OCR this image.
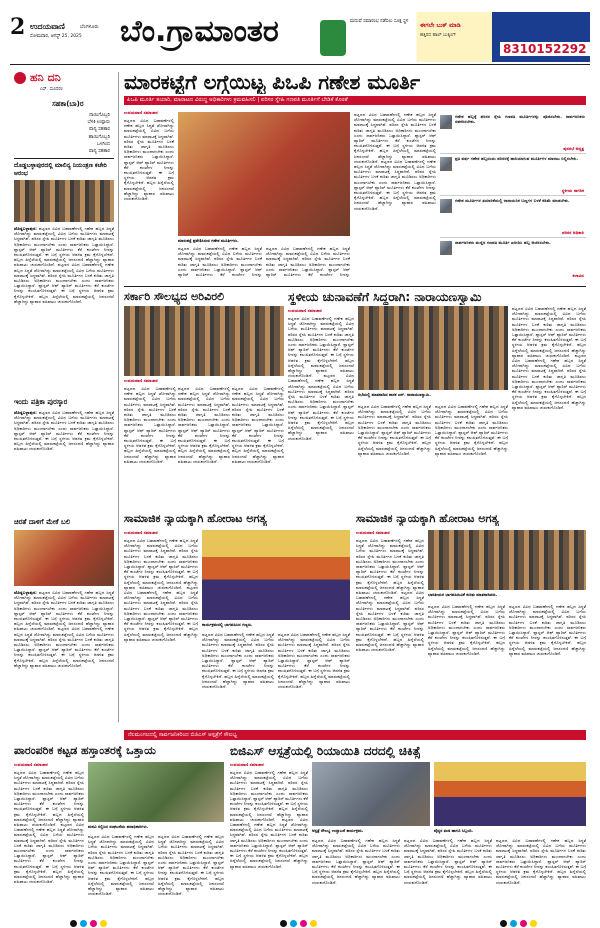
2 ಉದಯವಾಣಿ	ಬೆಂಗಳೂರು
ಸೋಮವಾರ, ಆಗಸ್ಟ್ 25, 2025 ಬೆಂ.ಗ್ರಾಮಾಂತರ	ಮದುವೆ ಸಮಾರಂಭ ನಡೆಸಲು ಸೂಕ್ತ ಸ್ಥಳ
ಈಗಲೇ ಬುಕ್ ಮಾಡಿ
ಹತ್ತಿರದ ಹಾಲ್ ಬುಕ್ಕಿಂಗ್
8310152292
ಹನಿ ದನಿ
ಎಸ್. ಸುಂದರಂ
ಸಹಕಾ(ಬಾ)ರ
ನಾಯಿಗೊಬ್ಬರಿ
ಬೆಳಕಿ ಉಪ್ಪಾರು
ಪಾನ್ಯ ಸಹಕಾರ
ಹಾಯಿಗೊಬ್ಬರಿ
ಒಳಗಿಂದ
ಪಾನ್ಯ ಸಹಕಾರ
ದೊಡ್ಡಬಳ್ಳಾಪುರದಲ್ಲಿ ಮಾಲಿನ್ಯ ನಿಯಂತ್ರಣ ಕಚೇರಿ ಆರಂಭ
ದೊಡ್ಡಬಳ್ಳಾಪುರ: ಪಟ್ಟಣದ ವಿವಿಧ ಬಡಾವಣೆಗಳಲ್ಲಿ ಗಣೇಶ ಹಬ್ಬದ ಸಿದ್ಧತೆ ಜೋರಾಗಿದ್ದು ಮಾರುಕಟ್ಟೆಯಲ್ಲಿ ವಿವಿಧ ಬಗೆಯ ಮೂರ್ತಿಗಳು ಮಾರಾಟಕ್ಕೆ ಸಿದ್ಧವಾಗಿವೆ. ಪರಿಸರ ಸ್ನೇಹಿ ಮೂರ್ತಿಗಳ ಬಳಕೆ ಕುರಿತು ಜಾಗೃತಿ ಮೂಡಿಸಲು ಅಧಿಕಾರಿಗಳು ಮುಂದಾಗಬೇಕು ಎಂದು ಸಾರ್ವಜನಿಕರು ಒತ್ತಾಯಿಸಿದ್ದಾರೆ. ಪ್ಲಾಸ್ಟರ್ ಆಫ್ ಪ್ಯಾರಿಸ್ ಮೂರ್ತಿಗಳು ಕೆರೆ ಕುಂಟೆಗಳ ನೀರನ್ನು ಕಲುಷಿತಗೊಳಿಸುತ್ತವೆ. ಈ ಬಗ್ಗೆ ಸ್ಥಳೀಯ ಆಡಳಿತ ಕ್ರಮ ಕೈಗೊಳ್ಳಬೇಕಿದೆ. ಹಬ್ಬದ ಹಿನ್ನೆಲೆಯಲ್ಲಿ ಮಾರುಕಟ್ಟೆಯಲ್ಲಿ ಜನಸಂದಣಿ ಹೆಚ್ಚಾಗಿದ್ದು ವ್ಯಾಪಾರ ವಹಿವಾಟು ಚುರುಕುಗೊಂಡಿದೆ. ಪಟ್ಟಣದ ವಿವಿಧ ಬಡಾವಣೆಗಳಲ್ಲಿ ಗಣೇಶ ಹಬ್ಬದ ಸಿದ್ಧತೆ ಜೋರಾಗಿದ್ದು ಮಾರುಕಟ್ಟೆಯಲ್ಲಿ ವಿವಿಧ ಬಗೆಯ ಮೂರ್ತಿಗಳು ಮಾರಾಟಕ್ಕೆ ಸಿದ್ಧವಾಗಿವೆ. ಪರಿಸರ ಸ್ನೇಹಿ ಮೂರ್ತಿಗಳ ಬಳಕೆ ಕುರಿತು ಜಾಗೃತಿ ಮೂಡಿಸಲು ಅಧಿಕಾರಿಗಳು ಮುಂದಾಗಬೇಕು ಎಂದು ಸಾರ್ವಜನಿಕರು ಒತ್ತಾಯಿಸಿದ್ದಾರೆ. ಪ್ಲಾಸ್ಟರ್ ಆಫ್ ಪ್ಯಾರಿಸ್ ಮೂರ್ತಿಗಳು ಕೆರೆ ಕುಂಟೆಗಳ ನೀರನ್ನು ಕಲುಷಿತಗೊಳಿಸುತ್ತವೆ. ಈ ಬಗ್ಗೆ ಸ್ಥಳೀಯ ಆಡಳಿತ ಕ್ರಮ ಕೈಗೊಳ್ಳಬೇಕಿದೆ. ಹಬ್ಬದ ಹಿನ್ನೆಲೆಯಲ್ಲಿ ಮಾರುಕಟ್ಟೆಯಲ್ಲಿ ಜನಸಂದಣಿ ಹೆಚ್ಚಾಗಿದ್ದು ವ್ಯಾಪಾರ ವಹಿವಾಟು ಚುರುಕುಗೊಂಡಿದೆ.
ಇಂದು ಪತ್ರಿಕಾ ಪುರಸ್ಕಾರ
ದೊಡ್ಡಬಳ್ಳಾಪುರ: ಪಟ್ಟಣದ ವಿವಿಧ ಬಡಾವಣೆಗಳಲ್ಲಿ ಗಣೇಶ ಹಬ್ಬದ ಸಿದ್ಧತೆ ಜೋರಾಗಿದ್ದು ಮಾರುಕಟ್ಟೆಯಲ್ಲಿ ವಿವಿಧ ಬಗೆಯ ಮೂರ್ತಿಗಳು ಮಾರಾಟಕ್ಕೆ ಸಿದ್ಧವಾಗಿವೆ. ಪರಿಸರ ಸ್ನೇಹಿ ಮೂರ್ತಿಗಳ ಬಳಕೆ ಕುರಿತು ಜಾಗೃತಿ ಮೂಡಿಸಲು ಅಧಿಕಾರಿಗಳು ಮುಂದಾಗಬೇಕು ಎಂದು ಸಾರ್ವಜನಿಕರು ಒತ್ತಾಯಿಸಿದ್ದಾರೆ. ಪ್ಲಾಸ್ಟರ್ ಆಫ್ ಪ್ಯಾರಿಸ್ ಮೂರ್ತಿಗಳು ಕೆರೆ ಕುಂಟೆಗಳ ನೀರನ್ನು ಕಲುಷಿತಗೊಳಿಸುತ್ತವೆ. ಈ ಬಗ್ಗೆ ಸ್ಥಳೀಯ ಆಡಳಿತ ಕ್ರಮ ಕೈಗೊಳ್ಳಬೇಕಿದೆ. ಹಬ್ಬದ ಹಿನ್ನೆಲೆಯಲ್ಲಿ ಮಾರುಕಟ್ಟೆಯಲ್ಲಿ ಜನಸಂದಣಿ ಹೆಚ್ಚಾಗಿದ್ದು ವ್ಯಾಪಾರ ವಹಿವಾಟು ಚುರುಕುಗೊಂಡಿದೆ.
ಚಿರತೆ ದಾಳಿಗೆ ಮೇಕೆ ಬಲಿ
ದೊಡ್ಡಬಳ್ಳಾಪುರ: ಪಟ್ಟಣದ ವಿವಿಧ ಬಡಾವಣೆಗಳಲ್ಲಿ ಗಣೇಶ ಹಬ್ಬದ ಸಿದ್ಧತೆ ಜೋರಾಗಿದ್ದು ಮಾರುಕಟ್ಟೆಯಲ್ಲಿ ವಿವಿಧ ಬಗೆಯ ಮೂರ್ತಿಗಳು ಮಾರಾಟಕ್ಕೆ ಸಿದ್ಧವಾಗಿವೆ. ಪರಿಸರ ಸ್ನೇಹಿ ಮೂರ್ತಿಗಳ ಬಳಕೆ ಕುರಿತು ಜಾಗೃತಿ ಮೂಡಿಸಲು ಅಧಿಕಾರಿಗಳು ಮುಂದಾಗಬೇಕು ಎಂದು ಸಾರ್ವಜನಿಕರು ಒತ್ತಾಯಿಸಿದ್ದಾರೆ. ಪ್ಲಾಸ್ಟರ್ ಆಫ್ ಪ್ಯಾರಿಸ್ ಮೂರ್ತಿಗಳು ಕೆರೆ ಕುಂಟೆಗಳ ನೀರನ್ನು ಕಲುಷಿತಗೊಳಿಸುತ್ತವೆ. ಈ ಬಗ್ಗೆ ಸ್ಥಳೀಯ ಆಡಳಿತ ಕ್ರಮ ಕೈಗೊಳ್ಳಬೇಕಿದೆ. ಹಬ್ಬದ ಹಿನ್ನೆಲೆಯಲ್ಲಿ ಮಾರುಕಟ್ಟೆಯಲ್ಲಿ ಜನಸಂದಣಿ ಹೆಚ್ಚಾಗಿದ್ದು ವ್ಯಾಪಾರ ವಹಿವಾಟು ಚುರುಕುಗೊಂಡಿದೆ. ಪಟ್ಟಣದ ವಿವಿಧ ಬಡಾವಣೆಗಳಲ್ಲಿ ಗಣೇಶ ಹಬ್ಬದ ಸಿದ್ಧತೆ ಜೋರಾಗಿದ್ದು ಮಾರುಕಟ್ಟೆಯಲ್ಲಿ ವಿವಿಧ ಬಗೆಯ ಮೂರ್ತಿಗಳು ಮಾರಾಟಕ್ಕೆ ಸಿದ್ಧವಾಗಿವೆ. ಪರಿಸರ ಸ್ನೇಹಿ ಮೂರ್ತಿಗಳ ಬಳಕೆ ಕುರಿತು ಜಾಗೃತಿ ಮೂಡಿಸಲು ಅಧಿಕಾರಿಗಳು ಮುಂದಾಗಬೇಕು ಎಂದು ಸಾರ್ವಜನಿಕರು ಒತ್ತಾಯಿಸಿದ್ದಾರೆ. ಪ್ಲಾಸ್ಟರ್ ಆಫ್ ಪ್ಯಾರಿಸ್ ಮೂರ್ತಿಗಳು ಕೆರೆ ಕುಂಟೆಗಳ ನೀರನ್ನು ಕಲುಷಿತಗೊಳಿಸುತ್ತವೆ. ಈ ಬಗ್ಗೆ ಸ್ಥಳೀಯ ಆಡಳಿತ ಕ್ರಮ ಕೈಗೊಳ್ಳಬೇಕಿದೆ. ಹಬ್ಬದ ಹಿನ್ನೆಲೆಯಲ್ಲಿ ಮಾರುಕಟ್ಟೆಯಲ್ಲಿ ಜನಸಂದಣಿ ಹೆಚ್ಚಾಗಿದ್ದು ವ್ಯಾಪಾರ ವಹಿವಾಟು ಚುರುಕುಗೊಂಡಿದೆ.
ಮಾರಕಟ್ಟೆಗೆ ಲಗ್ಗೆಯಿಟ್ಟ ಪಿಒಪಿ ಗಣೇಶ ಮೂರ್ತಿ
ಪಿಒಪಿ ಮೂರ್ತಿ ತಯಾರಿ, ಮಾರಾಟದ ವಿರುದ್ಧ ಅಧಿಕಾರಿಗಳು ಕ್ರಮವಹಿಸಲಿ | ಪರಿಸರ ಸ್ನೇಹಿ ಗಣಪತಿ ಮೂರ್ತಿಗೆ ಬೇಡಿಕೆ ಕೊರತೆ
ಉದಯವಾಣಿ ಸಮಾಚಾರ
ಪಟ್ಟಣದ ವಿವಿಧ ಬಡಾವಣೆಗಳಲ್ಲಿ ಗಣೇಶ ಹಬ್ಬದ ಸಿದ್ಧತೆ ಜೋರಾಗಿದ್ದು ಮಾರುಕಟ್ಟೆಯಲ್ಲಿ ವಿವಿಧ ಬಗೆಯ ಮೂರ್ತಿಗಳು ಮಾರಾಟಕ್ಕೆ ಸಿದ್ಧವಾಗಿವೆ. ಪರಿಸರ ಸ್ನೇಹಿ ಮೂರ್ತಿಗಳ ಬಳಕೆ ಕುರಿತು ಜಾಗೃತಿ ಮೂಡಿಸಲು ಅಧಿಕಾರಿಗಳು ಮುಂದಾಗಬೇಕು ಎಂದು ಸಾರ್ವಜನಿಕರು ಒತ್ತಾಯಿಸಿದ್ದಾರೆ. ಪ್ಲಾಸ್ಟರ್ ಆಫ್ ಪ್ಯಾರಿಸ್ ಮೂರ್ತಿಗಳು ಕೆರೆ ಕುಂಟೆಗಳ ನೀರನ್ನು ಕಲುಷಿತಗೊಳಿಸುತ್ತವೆ. ಈ ಬಗ್ಗೆ ಸ್ಥಳೀಯ ಆಡಳಿತ ಕ್ರಮ ಕೈಗೊಳ್ಳಬೇಕಿದೆ. ಹಬ್ಬದ ಹಿನ್ನೆಲೆಯಲ್ಲಿ ಮಾರುಕಟ್ಟೆಯಲ್ಲಿ ಜನಸಂದಣಿ ಹೆಚ್ಚಾಗಿದ್ದು ವ್ಯಾಪಾರ ವಹಿವಾಟು ಚುರುಕುಗೊಂಡಿದೆ.
ಮಾರುಕಟ್ಟೆ ಪ್ರವೇಶಿಸಿರುವ ಗಣೇಶ ಮೂರ್ತಿಗಳು.
ಪಟ್ಟಣದ ವಿವಿಧ ಬಡಾವಣೆಗಳಲ್ಲಿ ಗಣೇಶ ಹಬ್ಬದ ಸಿದ್ಧತೆ ಜೋರಾಗಿದ್ದು ಮಾರುಕಟ್ಟೆಯಲ್ಲಿ ವಿವಿಧ ಬಗೆಯ ಮೂರ್ತಿಗಳು ಮಾರಾಟಕ್ಕೆ ಸಿದ್ಧವಾಗಿವೆ. ಪರಿಸರ ಸ್ನೇಹಿ ಮೂರ್ತಿಗಳ ಬಳಕೆ ಕುರಿತು ಜಾಗೃತಿ ಮೂಡಿಸಲು ಅಧಿಕಾರಿಗಳು ಮುಂದಾಗಬೇಕು ಎಂದು ಸಾರ್ವಜನಿಕರು ಒತ್ತಾಯಿಸಿದ್ದಾರೆ. ಪ್ಲಾಸ್ಟರ್ ಆಫ್ ಪ್ಯಾರಿಸ್ ಮೂರ್ತಿಗಳು ಕೆರೆ ಕುಂಟೆಗಳ ನೀರನ್ನು
ಪಟ್ಟಣದ ವಿವಿಧ ಬಡಾವಣೆಗಳಲ್ಲಿ ಗಣೇಶ ಹಬ್ಬದ ಸಿದ್ಧತೆ ಜೋರಾಗಿದ್ದು ಮಾರುಕಟ್ಟೆಯಲ್ಲಿ ವಿವಿಧ ಬಗೆಯ ಮೂರ್ತಿಗಳು ಮಾರಾಟಕ್ಕೆ ಸಿದ್ಧವಾಗಿವೆ. ಪರಿಸರ ಸ್ನೇಹಿ ಮೂರ್ತಿಗಳ ಬಳಕೆ ಕುರಿತು ಜಾಗೃತಿ ಮೂಡಿಸಲು ಅಧಿಕಾರಿಗಳು ಮುಂದಾಗಬೇಕು ಎಂದು ಸಾರ್ವಜನಿಕರು ಒತ್ತಾಯಿಸಿದ್ದಾರೆ. ಪ್ಲಾಸ್ಟರ್ ಆಫ್ ಪ್ಯಾರಿಸ್ ಮೂರ್ತಿಗಳು ಕೆರೆ ಕುಂಟೆಗಳ ನೀರನ್ನು
ಪಟ್ಟಣದ ವಿವಿಧ ಬಡಾವಣೆಗಳಲ್ಲಿ ಗಣೇಶ ಹಬ್ಬದ ಸಿದ್ಧತೆ ಜೋರಾಗಿದ್ದು ಮಾರುಕಟ್ಟೆಯಲ್ಲಿ ವಿವಿಧ ಬಗೆಯ ಮೂರ್ತಿಗಳು ಮಾರಾಟಕ್ಕೆ ಸಿದ್ಧವಾಗಿವೆ. ಪರಿಸರ ಸ್ನೇಹಿ ಮೂರ್ತಿಗಳ ಬಳಕೆ ಕುರಿತು ಜಾಗೃತಿ ಮೂಡಿಸಲು ಅಧಿಕಾರಿಗಳು ಮುಂದಾಗಬೇಕು ಎಂದು ಸಾರ್ವಜನಿಕರು ಒತ್ತಾಯಿಸಿದ್ದಾರೆ. ಪ್ಲಾಸ್ಟರ್ ಆಫ್ ಪ್ಯಾರಿಸ್ ಮೂರ್ತಿಗಳು ಕೆರೆ ಕುಂಟೆಗಳ ನೀರನ್ನು ಕಲುಷಿತಗೊಳಿಸುತ್ತವೆ. ಈ ಬಗ್ಗೆ ಸ್ಥಳೀಯ ಆಡಳಿತ ಕ್ರಮ ಕೈಗೊಳ್ಳಬೇಕಿದೆ. ಹಬ್ಬದ ಹಿನ್ನೆಲೆಯಲ್ಲಿ ಮಾರುಕಟ್ಟೆಯಲ್ಲಿ ಜನಸಂದಣಿ ಹೆಚ್ಚಾಗಿದ್ದು ವ್ಯಾಪಾರ ವಹಿವಾಟು ಚುರುಕುಗೊಂಡಿದೆ. ಪಟ್ಟಣದ ವಿವಿಧ ಬಡಾವಣೆಗಳಲ್ಲಿ ಗಣೇಶ ಹಬ್ಬದ ಸಿದ್ಧತೆ ಜೋರಾಗಿದ್ದು ಮಾರುಕಟ್ಟೆಯಲ್ಲಿ ವಿವಿಧ ಬಗೆಯ ಮೂರ್ತಿಗಳು ಮಾರಾಟಕ್ಕೆ ಸಿದ್ಧವಾಗಿವೆ. ಪರಿಸರ ಸ್ನೇಹಿ ಮೂರ್ತಿಗಳ ಬಳಕೆ ಕುರಿತು ಜಾಗೃತಿ ಮೂಡಿಸಲು ಅಧಿಕಾರಿಗಳು ಮುಂದಾಗಬೇಕು ಎಂದು ಸಾರ್ವಜನಿಕರು ಒತ್ತಾಯಿಸಿದ್ದಾರೆ. ಪ್ಲಾಸ್ಟರ್ ಆಫ್ ಪ್ಯಾರಿಸ್ ಮೂರ್ತಿಗಳು ಕೆರೆ ಕುಂಟೆಗಳ ನೀರನ್ನು ಕಲುಷಿತಗೊಳಿಸುತ್ತವೆ. ಈ ಬಗ್ಗೆ ಸ್ಥಳೀಯ ಆಡಳಿತ ಕ್ರಮ ಕೈಗೊಳ್ಳಬೇಕಿದೆ. ಹಬ್ಬದ ಹಿನ್ನೆಲೆಯಲ್ಲಿ ಮಾರುಕಟ್ಟೆಯಲ್ಲಿ ಜನಸಂದಣಿ ಹೆಚ್ಚಾಗಿದ್ದು ವ್ಯಾಪಾರ ವಹಿವಾಟು ಚುರುಕುಗೊಂಡಿದೆ.
ಗಣೇಶ ಹಬ್ಬಕ್ಕೆ ಪರಿಸರ ಸ್ನೇಹಿ ಗಣಪತಿ ಮೂರ್ತಿಗಳನ್ನು ಪೂಜಿಸಬೇಕು. ಸಾರ್ವಜನಿಕರು ಸಹಕರಿಸಬೇಕು.
ಪುರಸಭೆ ಅಧ್ಯಕ್ಷ
ಪ್ರತಿ ವರ್ಷ ಗಣೇಶ ಹಬ್ಬದಂದು ಪರಿಸರಕ್ಕೆ ಹಾನಿಯಾಗುವ ಮೂರ್ತಿಗಳ ಮಾರಾಟ ನಿಲ್ಲಿಸಬೇಕು.
ಸ್ಥಳೀಯ ನಾಗರಿಕ
ಗಣೇಶ ಮೂರ್ತಿಗಳ ತಯಾರಿಕೆಯಲ್ಲಿ ರಾಸಾಯನಿಕ ಬಣ್ಣಗಳ ಬಳಕೆ ಕಡಿಮೆ ಮಾಡಬೇಕು.
ಪರಿಸರ ಅಧಿಕಾರಿ
ಸಾರ್ವಜನಿಕರು ಮಣ್ಣಿನ ಗಣಪತಿ ಮೂರ್ತಿ ಖರೀದಿಸಿ ಹಬ್ಬ ಆಚರಿಸಬೇಕು.
ಕಲಾವಿದ
ಸರ್ಕಾರಿ ಸೌಲಭ್ಯದ ಅರಿವಿರಲಿ
ಉದಯವಾಣಿ ಸಮಾಚಾರ
ಪಟ್ಟಣದ ವಿವಿಧ ಬಡಾವಣೆಗಳಲ್ಲಿ ಗಣೇಶ ಹಬ್ಬದ ಸಿದ್ಧತೆ ಜೋರಾಗಿದ್ದು ಮಾರುಕಟ್ಟೆಯಲ್ಲಿ ವಿವಿಧ ಬಗೆಯ ಮೂರ್ತಿಗಳು ಮಾರಾಟಕ್ಕೆ ಸಿದ್ಧವಾಗಿವೆ. ಪರಿಸರ ಸ್ನೇಹಿ ಮೂರ್ತಿಗಳ ಬಳಕೆ ಕುರಿತು ಜಾಗೃತಿ ಮೂಡಿಸಲು ಅಧಿಕಾರಿಗಳು ಮುಂದಾಗಬೇಕು ಎಂದು ಸಾರ್ವಜನಿಕರು ಒತ್ತಾಯಿಸಿದ್ದಾರೆ. ಪ್ಲಾಸ್ಟರ್ ಆಫ್ ಪ್ಯಾರಿಸ್ ಮೂರ್ತಿಗಳು ಕೆರೆ ಕುಂಟೆಗಳ ನೀರನ್ನು ಕಲುಷಿತಗೊಳಿಸುತ್ತವೆ. ಈ ಬಗ್ಗೆ ಸ್ಥಳೀಯ ಆಡಳಿತ ಕ್ರಮ ಕೈಗೊಳ್ಳಬೇಕಿದೆ. ಹಬ್ಬದ ಹಿನ್ನೆಲೆಯಲ್ಲಿ ಮಾರುಕಟ್ಟೆಯಲ್ಲಿ ಜನಸಂದಣಿ ಹೆಚ್ಚಾಗಿದ್ದು ವ್ಯಾಪಾರ ವಹಿವಾಟು ಚುರುಕುಗೊಂಡಿದೆ.
ಪಟ್ಟಣದ ವಿವಿಧ ಬಡಾವಣೆಗಳಲ್ಲಿ ಗಣೇಶ ಹಬ್ಬದ ಸಿದ್ಧತೆ ಜೋರಾಗಿದ್ದು ಮಾರುಕಟ್ಟೆಯಲ್ಲಿ ವಿವಿಧ ಬಗೆಯ ಮೂರ್ತಿಗಳು ಮಾರಾಟಕ್ಕೆ ಸಿದ್ಧವಾಗಿವೆ. ಪರಿಸರ ಸ್ನೇಹಿ ಮೂರ್ತಿಗಳ ಬಳಕೆ ಕುರಿತು ಜಾಗೃತಿ ಮೂಡಿಸಲು ಅಧಿಕಾರಿಗಳು ಮುಂದಾಗಬೇಕು ಎಂದು ಸಾರ್ವಜನಿಕರು ಒತ್ತಾಯಿಸಿದ್ದಾರೆ. ಪ್ಲಾಸ್ಟರ್ ಆಫ್ ಪ್ಯಾರಿಸ್ ಮೂರ್ತಿಗಳು ಕೆರೆ ಕುಂಟೆಗಳ ನೀರನ್ನು ಕಲುಷಿತಗೊಳಿಸುತ್ತವೆ. ಈ ಬಗ್ಗೆ ಸ್ಥಳೀಯ ಆಡಳಿತ ಕ್ರಮ ಕೈಗೊಳ್ಳಬೇಕಿದೆ. ಹಬ್ಬದ ಹಿನ್ನೆಲೆಯಲ್ಲಿ ಮಾರುಕಟ್ಟೆಯಲ್ಲಿ ಜನಸಂದಣಿ ಹೆಚ್ಚಾಗಿದ್ದು ವ್ಯಾಪಾರ ವಹಿವಾಟು ಚುರುಕುಗೊಂಡಿದೆ.
ಪಟ್ಟಣದ ವಿವಿಧ ಬಡಾವಣೆಗಳಲ್ಲಿ ಗಣೇಶ ಹಬ್ಬದ ಸಿದ್ಧತೆ ಜೋರಾಗಿದ್ದು ಮಾರುಕಟ್ಟೆಯಲ್ಲಿ ವಿವಿಧ ಬಗೆಯ ಮೂರ್ತಿಗಳು ಮಾರಾಟಕ್ಕೆ ಸಿದ್ಧವಾಗಿವೆ. ಪರಿಸರ ಸ್ನೇಹಿ ಮೂರ್ತಿಗಳ ಬಳಕೆ ಕುರಿತು ಜಾಗೃತಿ ಮೂಡಿಸಲು ಅಧಿಕಾರಿಗಳು ಮುಂದಾಗಬೇಕು ಎಂದು ಸಾರ್ವಜನಿಕರು ಒತ್ತಾಯಿಸಿದ್ದಾರೆ. ಪ್ಲಾಸ್ಟರ್ ಆಫ್ ಪ್ಯಾರಿಸ್ ಮೂರ್ತಿಗಳು ಕೆರೆ ಕುಂಟೆಗಳ ನೀರನ್ನು ಕಲುಷಿತಗೊಳಿಸುತ್ತವೆ. ಈ ಬಗ್ಗೆ ಸ್ಥಳೀಯ ಆಡಳಿತ ಕ್ರಮ ಕೈಗೊಳ್ಳಬೇಕಿದೆ. ಹಬ್ಬದ ಹಿನ್ನೆಲೆಯಲ್ಲಿ ಮಾರುಕಟ್ಟೆಯಲ್ಲಿ ಜನಸಂದಣಿ ಹೆಚ್ಚಾಗಿದ್ದು ವ್ಯಾಪಾರ ವಹಿವಾಟು ಚುರುಕುಗೊಂಡಿದೆ.
ಸ್ಥಳೀಯ ಚುನಾವಣೆಗೆ ಸಿದ್ಧರಾಗಿ: ನಾರಾಯಣಸ್ವಾಮಿ
ಉದಯವಾಣಿ ಸಮಾಚಾರ
ಪಟ್ಟಣದ ವಿವಿಧ ಬಡಾವಣೆಗಳಲ್ಲಿ ಗಣೇಶ ಹಬ್ಬದ ಸಿದ್ಧತೆ ಜೋರಾಗಿದ್ದು ಮಾರುಕಟ್ಟೆಯಲ್ಲಿ ವಿವಿಧ ಬಗೆಯ ಮೂರ್ತಿಗಳು ಮಾರಾಟಕ್ಕೆ ಸಿದ್ಧವಾಗಿವೆ. ಪರಿಸರ ಸ್ನೇಹಿ ಮೂರ್ತಿಗಳ ಬಳಕೆ ಕುರಿತು ಜಾಗೃತಿ ಮೂಡಿಸಲು ಅಧಿಕಾರಿಗಳು ಮುಂದಾಗಬೇಕು ಎಂದು ಸಾರ್ವಜನಿಕರು ಒತ್ತಾಯಿಸಿದ್ದಾರೆ. ಪ್ಲಾಸ್ಟರ್ ಆಫ್ ಪ್ಯಾರಿಸ್ ಮೂರ್ತಿಗಳು ಕೆರೆ ಕುಂಟೆಗಳ ನೀರನ್ನು ಕಲುಷಿತಗೊಳಿಸುತ್ತವೆ. ಈ ಬಗ್ಗೆ ಸ್ಥಳೀಯ ಆಡಳಿತ ಕ್ರಮ ಕೈಗೊಳ್ಳಬೇಕಿದೆ. ಹಬ್ಬದ ಹಿನ್ನೆಲೆಯಲ್ಲಿ ಮಾರುಕಟ್ಟೆಯಲ್ಲಿ ಜನಸಂದಣಿ ಹೆಚ್ಚಾಗಿದ್ದು ವ್ಯಾಪಾರ ವಹಿವಾಟು ಚುರುಕುಗೊಂಡಿದೆ.	ಪಟ್ಟಣದ ವಿವಿಧ ಬಡಾವಣೆಗಳಲ್ಲಿ ಗಣೇಶ ಹಬ್ಬದ ಸಿದ್ಧತೆ ಜೋರಾಗಿದ್ದು ಮಾರುಕಟ್ಟೆಯಲ್ಲಿ ವಿವಿಧ ಬಗೆಯ ಮೂರ್ತಿಗಳು ಮಾರಾಟಕ್ಕೆ ಸಿದ್ಧವಾಗಿವೆ. ಪರಿಸರ ಸ್ನೇಹಿ ಮೂರ್ತಿಗಳ ಬಳಕೆ ಕುರಿತು ಜಾಗೃತಿ ಮೂಡಿಸಲು ಅಧಿಕಾರಿಗಳು ಮುಂದಾಗಬೇಕು ಎಂದು ಸಾರ್ವಜನಿಕರು ಒತ್ತಾಯಿಸಿದ್ದಾರೆ. ಪ್ಲಾಸ್ಟರ್ ಆಫ್ ಪ್ಯಾರಿಸ್ ಮೂರ್ತಿಗಳು ಕೆರೆ ಕುಂಟೆಗಳ ನೀರನ್ನು ಕಲುಷಿತಗೊಳಿಸುತ್ತವೆ. ಈ ಬಗ್ಗೆ ಸ್ಥಳೀಯ ಆಡಳಿತ ಕ್ರಮ ಕೈಗೊಳ್ಳಬೇಕಿದೆ. ಹಬ್ಬದ ಹಿನ್ನೆಲೆಯಲ್ಲಿ ಮಾರುಕಟ್ಟೆಯಲ್ಲಿ ಜನಸಂದಣಿ ಹೆಚ್ಚಾಗಿದ್ದು ವ್ಯಾಪಾರ ವಹಿವಾಟು ಚುರುಕುಗೊಂಡಿದೆ.
ಸಭೆಯಲ್ಲಿ ಮಾತನಾಡಿದ ಶಾಸಕ ಎನ್. ನಾರಾಯಣಸ್ವಾಮಿ.
ಪಟ್ಟಣದ ವಿವಿಧ ಬಡಾವಣೆಗಳಲ್ಲಿ ಗಣೇಶ ಹಬ್ಬದ ಸಿದ್ಧತೆ ಜೋರಾಗಿದ್ದು ಮಾರುಕಟ್ಟೆಯಲ್ಲಿ ವಿವಿಧ ಬಗೆಯ ಮೂರ್ತಿಗಳು ಮಾರಾಟಕ್ಕೆ ಸಿದ್ಧವಾಗಿವೆ. ಪರಿಸರ ಸ್ನೇಹಿ ಮೂರ್ತಿಗಳ ಬಳಕೆ ಕುರಿತು ಜಾಗೃತಿ ಮೂಡಿಸಲು ಅಧಿಕಾರಿಗಳು ಮುಂದಾಗಬೇಕು ಎಂದು ಸಾರ್ವಜನಿಕರು ಒತ್ತಾಯಿಸಿದ್ದಾರೆ. ಪ್ಲಾಸ್ಟರ್ ಆಫ್ ಪ್ಯಾರಿಸ್ ಮೂರ್ತಿಗಳು ಕೆರೆ ಕುಂಟೆಗಳ ನೀರನ್ನು ಕಲುಷಿತಗೊಳಿಸುತ್ತವೆ. ಈ ಬಗ್ಗೆ ಸ್ಥಳೀಯ ಆಡಳಿತ ಕ್ರಮ ಕೈಗೊಳ್ಳಬೇಕಿದೆ. ಹಬ್ಬದ ಹಿನ್ನೆಲೆಯಲ್ಲಿ ಮಾರುಕಟ್ಟೆಯಲ್ಲಿ ಜನಸಂದಣಿ ಹೆಚ್ಚಾಗಿದ್ದು ವ್ಯಾಪಾರ ವಹಿವಾಟು ಚುರುಕುಗೊಂಡಿದೆ.
ಪಟ್ಟಣದ ವಿವಿಧ ಬಡಾವಣೆಗಳಲ್ಲಿ ಗಣೇಶ ಹಬ್ಬದ ಸಿದ್ಧತೆ ಜೋರಾಗಿದ್ದು ಮಾರುಕಟ್ಟೆಯಲ್ಲಿ ವಿವಿಧ ಬಗೆಯ ಮೂರ್ತಿಗಳು ಮಾರಾಟಕ್ಕೆ ಸಿದ್ಧವಾಗಿವೆ. ಪರಿಸರ ಸ್ನೇಹಿ ಮೂರ್ತಿಗಳ ಬಳಕೆ ಕುರಿತು ಜಾಗೃತಿ ಮೂಡಿಸಲು ಅಧಿಕಾರಿಗಳು ಮುಂದಾಗಬೇಕು ಎಂದು ಸಾರ್ವಜನಿಕರು ಒತ್ತಾಯಿಸಿದ್ದಾರೆ. ಪ್ಲಾಸ್ಟರ್ ಆಫ್ ಪ್ಯಾರಿಸ್ ಮೂರ್ತಿಗಳು ಕೆರೆ ಕುಂಟೆಗಳ ನೀರನ್ನು ಕಲುಷಿತಗೊಳಿಸುತ್ತವೆ. ಈ ಬಗ್ಗೆ ಸ್ಥಳೀಯ ಆಡಳಿತ ಕ್ರಮ ಕೈಗೊಳ್ಳಬೇಕಿದೆ. ಹಬ್ಬದ ಹಿನ್ನೆಲೆಯಲ್ಲಿ ಮಾರುಕಟ್ಟೆಯಲ್ಲಿ ಜನಸಂದಣಿ ಹೆಚ್ಚಾಗಿದ್ದು ವ್ಯಾಪಾರ ವಹಿವಾಟು ಚುರುಕುಗೊಂಡಿದೆ.
ಪಟ್ಟಣದ ವಿವಿಧ ಬಡಾವಣೆಗಳಲ್ಲಿ ಗಣೇಶ ಹಬ್ಬದ ಸಿದ್ಧತೆ ಜೋರಾಗಿದ್ದು ಮಾರುಕಟ್ಟೆಯಲ್ಲಿ ವಿವಿಧ ಬಗೆಯ ಮೂರ್ತಿಗಳು ಮಾರಾಟಕ್ಕೆ ಸಿದ್ಧವಾಗಿವೆ. ಪರಿಸರ ಸ್ನೇಹಿ ಮೂರ್ತಿಗಳ ಬಳಕೆ ಕುರಿತು ಜಾಗೃತಿ ಮೂಡಿಸಲು ಅಧಿಕಾರಿಗಳು ಮುಂದಾಗಬೇಕು ಎಂದು ಸಾರ್ವಜನಿಕರು ಒತ್ತಾಯಿಸಿದ್ದಾರೆ. ಪ್ಲಾಸ್ಟರ್ ಆಫ್ ಪ್ಯಾರಿಸ್ ಮೂರ್ತಿಗಳು ಕೆರೆ ಕುಂಟೆಗಳ ನೀರನ್ನು ಕಲುಷಿತಗೊಳಿಸುತ್ತವೆ. ಈ ಬಗ್ಗೆ ಸ್ಥಳೀಯ ಆಡಳಿತ ಕ್ರಮ ಕೈಗೊಳ್ಳಬೇಕಿದೆ. ಹಬ್ಬದ ಹಿನ್ನೆಲೆಯಲ್ಲಿ ಮಾರುಕಟ್ಟೆಯಲ್ಲಿ ಜನಸಂದಣಿ ಹೆಚ್ಚಾಗಿದ್ದು ವ್ಯಾಪಾರ ವಹಿವಾಟು ಚುರುಕುಗೊಂಡಿದೆ. ಪಟ್ಟಣದ ವಿವಿಧ ಬಡಾವಣೆಗಳಲ್ಲಿ ಗಣೇಶ ಹಬ್ಬದ ಸಿದ್ಧತೆ ಜೋರಾಗಿದ್ದು ಮಾರುಕಟ್ಟೆಯಲ್ಲಿ ವಿವಿಧ ಬಗೆಯ ಮೂರ್ತಿಗಳು ಮಾರಾಟಕ್ಕೆ ಸಿದ್ಧವಾಗಿವೆ. ಪರಿಸರ ಸ್ನೇಹಿ ಮೂರ್ತಿಗಳ ಬಳಕೆ ಕುರಿತು ಜಾಗೃತಿ ಮೂಡಿಸಲು ಅಧಿಕಾರಿಗಳು ಮುಂದಾಗಬೇಕು ಎಂದು ಸಾರ್ವಜನಿಕರು ಒತ್ತಾಯಿಸಿದ್ದಾರೆ. ಪ್ಲಾಸ್ಟರ್ ಆಫ್ ಪ್ಯಾರಿಸ್ ಮೂರ್ತಿಗಳು ಕೆರೆ ಕುಂಟೆಗಳ ನೀರನ್ನು ಕಲುಷಿತಗೊಳಿಸುತ್ತವೆ. ಈ ಬಗ್ಗೆ ಸ್ಥಳೀಯ ಆಡಳಿತ ಕ್ರಮ ಕೈಗೊಳ್ಳಬೇಕಿದೆ. ಹಬ್ಬದ ಹಿನ್ನೆಲೆಯಲ್ಲಿ ಮಾರುಕಟ್ಟೆಯಲ್ಲಿ ಜನಸಂದಣಿ ಹೆಚ್ಚಾಗಿದ್ದು ವ್ಯಾಪಾರ ವಹಿವಾಟು ಚುರುಕುಗೊಂಡಿದೆ.
ಸಾಮಾಜಿಕ ನ್ಯಾಯಕ್ಕಾಗಿ ಹೋರಾಟ ಅಗತ್ಯ
ಉದಯವಾಣಿ ಸಮಾಚಾರ
ಪಟ್ಟಣದ ವಿವಿಧ ಬಡಾವಣೆಗಳಲ್ಲಿ ಗಣೇಶ ಹಬ್ಬದ ಸಿದ್ಧತೆ ಜೋರಾಗಿದ್ದು ಮಾರುಕಟ್ಟೆಯಲ್ಲಿ ವಿವಿಧ ಬಗೆಯ ಮೂರ್ತಿಗಳು ಮಾರಾಟಕ್ಕೆ ಸಿದ್ಧವಾಗಿವೆ. ಪರಿಸರ ಸ್ನೇಹಿ ಮೂರ್ತಿಗಳ ಬಳಕೆ ಕುರಿತು ಜಾಗೃತಿ ಮೂಡಿಸಲು ಅಧಿಕಾರಿಗಳು ಮುಂದಾಗಬೇಕು ಎಂದು ಸಾರ್ವಜನಿಕರು ಒತ್ತಾಯಿಸಿದ್ದಾರೆ. ಪ್ಲಾಸ್ಟರ್ ಆಫ್ ಪ್ಯಾರಿಸ್ ಮೂರ್ತಿಗಳು ಕೆರೆ ಕುಂಟೆಗಳ ನೀರನ್ನು ಕಲುಷಿತಗೊಳಿಸುತ್ತವೆ. ಈ ಬಗ್ಗೆ ಸ್ಥಳೀಯ ಆಡಳಿತ ಕ್ರಮ ಕೈಗೊಳ್ಳಬೇಕಿದೆ. ಹಬ್ಬದ ಹಿನ್ನೆಲೆಯಲ್ಲಿ ಮಾರುಕಟ್ಟೆಯಲ್ಲಿ ಜನಸಂದಣಿ ಹೆಚ್ಚಾಗಿದ್ದು ವ್ಯಾಪಾರ ವಹಿವಾಟು ಚುರುಕುಗೊಂಡಿದೆ. ಪಟ್ಟಣದ ವಿವಿಧ ಬಡಾವಣೆಗಳಲ್ಲಿ ಗಣೇಶ ಹಬ್ಬದ ಸಿದ್ಧತೆ ಜೋರಾಗಿದ್ದು ಮಾರುಕಟ್ಟೆಯಲ್ಲಿ ವಿವಿಧ ಬಗೆಯ ಮೂರ್ತಿಗಳು ಮಾರಾಟಕ್ಕೆ ಸಿದ್ಧವಾಗಿವೆ. ಪರಿಸರ ಸ್ನೇಹಿ ಮೂರ್ತಿಗಳ ಬಳಕೆ ಕುರಿತು ಜಾಗೃತಿ ಮೂಡಿಸಲು ಅಧಿಕಾರಿಗಳು ಮುಂದಾಗಬೇಕು ಎಂದು ಸಾರ್ವಜನಿಕರು ಒತ್ತಾಯಿಸಿದ್ದಾರೆ. ಪ್ಲಾಸ್ಟರ್ ಆಫ್ ಪ್ಯಾರಿಸ್ ಮೂರ್ತಿಗಳು ಕೆರೆ ಕುಂಟೆಗಳ ನೀರನ್ನು ಕಲುಷಿತಗೊಳಿಸುತ್ತವೆ. ಈ ಬಗ್ಗೆ ಸ್ಥಳೀಯ ಆಡಳಿತ ಕ್ರಮ ಕೈಗೊಳ್ಳಬೇಕಿದೆ. ಹಬ್ಬದ ಹಿನ್ನೆಲೆಯಲ್ಲಿ ಮಾರುಕಟ್ಟೆಯಲ್ಲಿ ಜನಸಂದಣಿ ಹೆಚ್ಚಾಗಿದ್ದು ವ್ಯಾಪಾರ ವಹಿವಾಟು ಚುರುಕುಗೊಂಡಿದೆ.
ಕಾರ್ಯಕ್ರಮದಲ್ಲಿ ಭಾಗವಹಿಸಿದ ಗಣ್ಯರು.
ಪಟ್ಟಣದ ವಿವಿಧ ಬಡಾವಣೆಗಳಲ್ಲಿ ಗಣೇಶ ಹಬ್ಬದ ಸಿದ್ಧತೆ ಜೋರಾಗಿದ್ದು ಮಾರುಕಟ್ಟೆಯಲ್ಲಿ ವಿವಿಧ ಬಗೆಯ ಮೂರ್ತಿಗಳು ಮಾರಾಟಕ್ಕೆ ಸಿದ್ಧವಾಗಿವೆ. ಪರಿಸರ ಸ್ನೇಹಿ ಮೂರ್ತಿಗಳ ಬಳಕೆ ಕುರಿತು ಜಾಗೃತಿ ಮೂಡಿಸಲು ಅಧಿಕಾರಿಗಳು ಮುಂದಾಗಬೇಕು ಎಂದು ಸಾರ್ವಜನಿಕರು ಒತ್ತಾಯಿಸಿದ್ದಾರೆ. ಪ್ಲಾಸ್ಟರ್ ಆಫ್ ಪ್ಯಾರಿಸ್ ಮೂರ್ತಿಗಳು ಕೆರೆ ಕುಂಟೆಗಳ ನೀರನ್ನು ಕಲುಷಿತಗೊಳಿಸುತ್ತವೆ. ಈ ಬಗ್ಗೆ ಸ್ಥಳೀಯ ಆಡಳಿತ ಕ್ರಮ ಕೈಗೊಳ್ಳಬೇಕಿದೆ. ಹಬ್ಬದ ಹಿನ್ನೆಲೆಯಲ್ಲಿ ಮಾರುಕಟ್ಟೆಯಲ್ಲಿ ಜನಸಂದಣಿ ಹೆಚ್ಚಾಗಿದ್ದು ವ್ಯಾಪಾರ ವಹಿವಾಟು ಚುರುಕುಗೊಂಡಿದೆ.
ಪಟ್ಟಣದ ವಿವಿಧ ಬಡಾವಣೆಗಳಲ್ಲಿ ಗಣೇಶ ಹಬ್ಬದ ಸಿದ್ಧತೆ ಜೋರಾಗಿದ್ದು ಮಾರುಕಟ್ಟೆಯಲ್ಲಿ ವಿವಿಧ ಬಗೆಯ ಮೂರ್ತಿಗಳು ಮಾರಾಟಕ್ಕೆ ಸಿದ್ಧವಾಗಿವೆ. ಪರಿಸರ ಸ್ನೇಹಿ ಮೂರ್ತಿಗಳ ಬಳಕೆ ಕುರಿತು ಜಾಗೃತಿ ಮೂಡಿಸಲು ಅಧಿಕಾರಿಗಳು ಮುಂದಾಗಬೇಕು ಎಂದು ಸಾರ್ವಜನಿಕರು ಒತ್ತಾಯಿಸಿದ್ದಾರೆ. ಪ್ಲಾಸ್ಟರ್ ಆಫ್ ಪ್ಯಾರಿಸ್ ಮೂರ್ತಿಗಳು ಕೆರೆ ಕುಂಟೆಗಳ ನೀರನ್ನು ಕಲುಷಿತಗೊಳಿಸುತ್ತವೆ. ಈ ಬಗ್ಗೆ ಸ್ಥಳೀಯ ಆಡಳಿತ ಕ್ರಮ ಕೈಗೊಳ್ಳಬೇಕಿದೆ. ಹಬ್ಬದ ಹಿನ್ನೆಲೆಯಲ್ಲಿ ಮಾರುಕಟ್ಟೆಯಲ್ಲಿ ಜನಸಂದಣಿ ಹೆಚ್ಚಾಗಿದ್ದು ವ್ಯಾಪಾರ ವಹಿವಾಟು ಚುರುಕುಗೊಂಡಿದೆ.
ಸಾಮಾಜಿಕ ನ್ಯಾಯಕ್ಕಾಗಿ ಹೋರಾಟ ಅಗತ್ಯ
ಉದಯವಾಣಿ ಸಮಾಚಾರ
ಪಟ್ಟಣದ ವಿವಿಧ ಬಡಾವಣೆಗಳಲ್ಲಿ ಗಣೇಶ ಹಬ್ಬದ ಸಿದ್ಧತೆ ಜೋರಾಗಿದ್ದು ಮಾರುಕಟ್ಟೆಯಲ್ಲಿ ವಿವಿಧ ಬಗೆಯ ಮೂರ್ತಿಗಳು ಮಾರಾಟಕ್ಕೆ ಸಿದ್ಧವಾಗಿವೆ. ಪರಿಸರ ಸ್ನೇಹಿ ಮೂರ್ತಿಗಳ ಬಳಕೆ ಕುರಿತು ಜಾಗೃತಿ ಮೂಡಿಸಲು ಅಧಿಕಾರಿಗಳು ಮುಂದಾಗಬೇಕು ಎಂದು ಸಾರ್ವಜನಿಕರು ಒತ್ತಾಯಿಸಿದ್ದಾರೆ. ಪ್ಲಾಸ್ಟರ್ ಆಫ್ ಪ್ಯಾರಿಸ್ ಮೂರ್ತಿಗಳು ಕೆರೆ ಕುಂಟೆಗಳ ನೀರನ್ನು ಕಲುಷಿತಗೊಳಿಸುತ್ತವೆ. ಈ ಬಗ್ಗೆ ಸ್ಥಳೀಯ ಆಡಳಿತ ಕ್ರಮ ಕೈಗೊಳ್ಳಬೇಕಿದೆ. ಹಬ್ಬದ ಹಿನ್ನೆಲೆಯಲ್ಲಿ ಮಾರುಕಟ್ಟೆಯಲ್ಲಿ ಜನಸಂದಣಿ ಹೆಚ್ಚಾಗಿದ್ದು ವ್ಯಾಪಾರ ವಹಿವಾಟು ಚುರುಕುಗೊಂಡಿದೆ. ಪಟ್ಟಣದ ವಿವಿಧ ಬಡಾವಣೆಗಳಲ್ಲಿ ಗಣೇಶ ಹಬ್ಬದ ಸಿದ್ಧತೆ ಜೋರಾಗಿದ್ದು ಮಾರುಕಟ್ಟೆಯಲ್ಲಿ ವಿವಿಧ ಬಗೆಯ ಮೂರ್ತಿಗಳು ಮಾರಾಟಕ್ಕೆ ಸಿದ್ಧವಾಗಿವೆ. ಪರಿಸರ ಸ್ನೇಹಿ ಮೂರ್ತಿಗಳ ಬಳಕೆ ಕುರಿತು ಜಾಗೃತಿ ಮೂಡಿಸಲು ಅಧಿಕಾರಿಗಳು ಮುಂದಾಗಬೇಕು ಎಂದು ಸಾರ್ವಜನಿಕರು ಒತ್ತಾಯಿಸಿದ್ದಾರೆ. ಪ್ಲಾಸ್ಟರ್ ಆಫ್ ಪ್ಯಾರಿಸ್ ಮೂರ್ತಿಗಳು ಕೆರೆ ಕುಂಟೆಗಳ ನೀರನ್ನು ಕಲುಷಿತಗೊಳಿಸುತ್ತವೆ. ಈ ಬಗ್ಗೆ ಸ್ಥಳೀಯ ಆಡಳಿತ ಕ್ರಮ ಕೈಗೊಳ್ಳಬೇಕಿದೆ. ಹಬ್ಬದ ಹಿನ್ನೆಲೆಯಲ್ಲಿ ಮಾರುಕಟ್ಟೆಯಲ್ಲಿ ಜನಸಂದಣಿ ಹೆಚ್ಚಾಗಿದ್ದು ವ್ಯಾಪಾರ ವಹಿವಾಟು ಚುರುಕುಗೊಂಡಿದೆ.
ಭಾರತೀಯರ ಭಾಗವಹಿಸುವಿಕೆ ಕುರಿತು ಮಾತನಾಡಿದರು.
ಪಟ್ಟಣದ ವಿವಿಧ ಬಡಾವಣೆಗಳಲ್ಲಿ ಗಣೇಶ ಹಬ್ಬದ ಸಿದ್ಧತೆ ಜೋರಾಗಿದ್ದು ಮಾರುಕಟ್ಟೆಯಲ್ಲಿ ವಿವಿಧ ಬಗೆಯ ಮೂರ್ತಿಗಳು ಮಾರಾಟಕ್ಕೆ ಸಿದ್ಧವಾಗಿವೆ. ಪರಿಸರ ಸ್ನೇಹಿ ಮೂರ್ತಿಗಳ ಬಳಕೆ ಕುರಿತು ಜಾಗೃತಿ ಮೂಡಿಸಲು ಅಧಿಕಾರಿಗಳು ಮುಂದಾಗಬೇಕು ಎಂದು ಸಾರ್ವಜನಿಕರು ಒತ್ತಾಯಿಸಿದ್ದಾರೆ. ಪ್ಲಾಸ್ಟರ್ ಆಫ್ ಪ್ಯಾರಿಸ್ ಮೂರ್ತಿಗಳು ಕೆರೆ ಕುಂಟೆಗಳ ನೀರನ್ನು ಕಲುಷಿತಗೊಳಿಸುತ್ತವೆ. ಈ ಬಗ್ಗೆ ಸ್ಥಳೀಯ ಆಡಳಿತ ಕ್ರಮ ಕೈಗೊಳ್ಳಬೇಕಿದೆ. ಹಬ್ಬದ ಹಿನ್ನೆಲೆಯಲ್ಲಿ ಮಾರುಕಟ್ಟೆಯಲ್ಲಿ ಜನಸಂದಣಿ ಹೆಚ್ಚಾಗಿದ್ದು ವ್ಯಾಪಾರ ವಹಿವಾಟು ಚುರುಕುಗೊಂಡಿದೆ.
ಪಟ್ಟಣದ ವಿವಿಧ ಬಡಾವಣೆಗಳಲ್ಲಿ ಗಣೇಶ ಹಬ್ಬದ ಸಿದ್ಧತೆ ಜೋರಾಗಿದ್ದು ಮಾರುಕಟ್ಟೆಯಲ್ಲಿ ವಿವಿಧ ಬಗೆಯ ಮೂರ್ತಿಗಳು ಮಾರಾಟಕ್ಕೆ ಸಿದ್ಧವಾಗಿವೆ. ಪರಿಸರ ಸ್ನೇಹಿ ಮೂರ್ತಿಗಳ ಬಳಕೆ ಕುರಿತು ಜಾಗೃತಿ ಮೂಡಿಸಲು ಅಧಿಕಾರಿಗಳು ಮುಂದಾಗಬೇಕು ಎಂದು ಸಾರ್ವಜನಿಕರು ಒತ್ತಾಯಿಸಿದ್ದಾರೆ. ಪ್ಲಾಸ್ಟರ್ ಆಫ್ ಪ್ಯಾರಿಸ್ ಮೂರ್ತಿಗಳು ಕೆರೆ ಕುಂಟೆಗಳ ನೀರನ್ನು ಕಲುಷಿತಗೊಳಿಸುತ್ತವೆ. ಈ ಬಗ್ಗೆ ಸ್ಥಳೀಯ ಆಡಳಿತ ಕ್ರಮ ಕೈಗೊಳ್ಳಬೇಕಿದೆ. ಹಬ್ಬದ ಹಿನ್ನೆಲೆಯಲ್ಲಿ ಮಾರುಕಟ್ಟೆಯಲ್ಲಿ ಜನಸಂದಣಿ ಹೆಚ್ಚಾಗಿದ್ದು ವ್ಯಾಪಾರ ವಹಿವಾಟು ಚುರುಕುಗೊಂಡಿದೆ.
ನೆಲಮಂಗಲದಲ್ಲಿ ಸಾರ್ವಜನಿಕರಿಂದ ಬಿಜಿಎಸ್ ಆಸ್ಪತ್ರೆಗೆ ಸೌಲಭ್ಯ
ಪಾರಂಪರಿಕ ಕಟ್ಟಡ ಹಸ್ತಾಂತರಕ್ಕೆ ಒತ್ತಾಯ
ಉದಯವಾಣಿ ಸಮಾಚಾರ
ಪಟ್ಟಣದ ವಿವಿಧ ಬಡಾವಣೆಗಳಲ್ಲಿ ಗಣೇಶ ಹಬ್ಬದ ಸಿದ್ಧತೆ ಜೋರಾಗಿದ್ದು ಮಾರುಕಟ್ಟೆಯಲ್ಲಿ ವಿವಿಧ ಬಗೆಯ ಮೂರ್ತಿಗಳು ಮಾರಾಟಕ್ಕೆ ಸಿದ್ಧವಾಗಿವೆ. ಪರಿಸರ ಸ್ನೇಹಿ ಮೂರ್ತಿಗಳ ಬಳಕೆ ಕುರಿತು ಜಾಗೃತಿ ಮೂಡಿಸಲು ಅಧಿಕಾರಿಗಳು ಮುಂದಾಗಬೇಕು ಎಂದು ಸಾರ್ವಜನಿಕರು ಒತ್ತಾಯಿಸಿದ್ದಾರೆ. ಪ್ಲಾಸ್ಟರ್ ಆಫ್ ಪ್ಯಾರಿಸ್ ಮೂರ್ತಿಗಳು ಕೆರೆ ಕುಂಟೆಗಳ ನೀರನ್ನು ಕಲುಷಿತಗೊಳಿಸುತ್ತವೆ. ಈ ಬಗ್ಗೆ ಸ್ಥಳೀಯ ಆಡಳಿತ ಕ್ರಮ ಕೈಗೊಳ್ಳಬೇಕಿದೆ. ಹಬ್ಬದ ಹಿನ್ನೆಲೆಯಲ್ಲಿ ಮಾರುಕಟ್ಟೆಯಲ್ಲಿ ಜನಸಂದಣಿ ಹೆಚ್ಚಾಗಿದ್ದು ವ್ಯಾಪಾರ ವಹಿವಾಟು ಚುರುಕುಗೊಂಡಿದೆ. ಪಟ್ಟಣದ ವಿವಿಧ ಬಡಾವಣೆಗಳಲ್ಲಿ ಗಣೇಶ ಹಬ್ಬದ ಸಿದ್ಧತೆ ಜೋರಾಗಿದ್ದು ಮಾರುಕಟ್ಟೆಯಲ್ಲಿ ವಿವಿಧ ಬಗೆಯ ಮೂರ್ತಿಗಳು ಮಾರಾಟಕ್ಕೆ ಸಿದ್ಧವಾಗಿವೆ. ಪರಿಸರ ಸ್ನೇಹಿ ಮೂರ್ತಿಗಳ ಬಳಕೆ ಕುರಿತು ಜಾಗೃತಿ ಮೂಡಿಸಲು ಅಧಿಕಾರಿಗಳು ಮುಂದಾಗಬೇಕು ಎಂದು ಸಾರ್ವಜನಿಕರು ಒತ್ತಾಯಿಸಿದ್ದಾರೆ. ಪ್ಲಾಸ್ಟರ್ ಆಫ್ ಪ್ಯಾರಿಸ್ ಮೂರ್ತಿಗಳು ಕೆರೆ ಕುಂಟೆಗಳ ನೀರನ್ನು ಕಲುಷಿತಗೊಳಿಸುತ್ತವೆ. ಈ ಬಗ್ಗೆ ಸ್ಥಳೀಯ ಆಡಳಿತ ಕ್ರಮ ಕೈಗೊಳ್ಳಬೇಕಿದೆ. ಹಬ್ಬದ ಹಿನ್ನೆಲೆಯಲ್ಲಿ ಮಾರುಕಟ್ಟೆಯಲ್ಲಿ ಜನಸಂದಣಿ ಹೆಚ್ಚಾಗಿದ್ದು ವ್ಯಾಪಾರ ವಹಿವಾಟು ಚುರುಕುಗೊಂಡಿದೆ.
ಮನವಿ ಸಲ್ಲಿಸಿದ ಸಂಘಟನೆಯ ಪದಾಧಿಕಾರಿಗಳು.
ಪಟ್ಟಣದ ವಿವಿಧ ಬಡಾವಣೆಗಳಲ್ಲಿ ಗಣೇಶ ಹಬ್ಬದ ಸಿದ್ಧತೆ ಜೋರಾಗಿದ್ದು ಮಾರುಕಟ್ಟೆಯಲ್ಲಿ ವಿವಿಧ ಬಗೆಯ ಮೂರ್ತಿಗಳು ಮಾರಾಟಕ್ಕೆ ಸಿದ್ಧವಾಗಿವೆ. ಪರಿಸರ ಸ್ನೇಹಿ ಮೂರ್ತಿಗಳ ಬಳಕೆ ಕುರಿತು ಜಾಗೃತಿ ಮೂಡಿಸಲು ಅಧಿಕಾರಿಗಳು ಮುಂದಾಗಬೇಕು ಎಂದು ಸಾರ್ವಜನಿಕರು ಒತ್ತಾಯಿಸಿದ್ದಾರೆ. ಪ್ಲಾಸ್ಟರ್ ಆಫ್ ಪ್ಯಾರಿಸ್ ಮೂರ್ತಿಗಳು ಕೆರೆ ಕುಂಟೆಗಳ ನೀರನ್ನು ಕಲುಷಿತಗೊಳಿಸುತ್ತವೆ. ಈ ಬಗ್ಗೆ ಸ್ಥಳೀಯ ಆಡಳಿತ ಕ್ರಮ ಕೈಗೊಳ್ಳಬೇಕಿದೆ. ಹಬ್ಬದ ಹಿನ್ನೆಲೆಯಲ್ಲಿ ಮಾರುಕಟ್ಟೆಯಲ್ಲಿ ಜನಸಂದಣಿ ಹೆಚ್ಚಾಗಿದ್ದು ವ್ಯಾಪಾರ ವಹಿವಾಟು ಚುರುಕುಗೊಂಡಿದೆ.
ಪಟ್ಟಣದ ವಿವಿಧ ಬಡಾವಣೆಗಳಲ್ಲಿ ಗಣೇಶ ಹಬ್ಬದ ಸಿದ್ಧತೆ ಜೋರಾಗಿದ್ದು ಮಾರುಕಟ್ಟೆಯಲ್ಲಿ ವಿವಿಧ ಬಗೆಯ ಮೂರ್ತಿಗಳು ಮಾರಾಟಕ್ಕೆ ಸಿದ್ಧವಾಗಿವೆ. ಪರಿಸರ ಸ್ನೇಹಿ ಮೂರ್ತಿಗಳ ಬಳಕೆ ಕುರಿತು ಜಾಗೃತಿ ಮೂಡಿಸಲು ಅಧಿಕಾರಿಗಳು ಮುಂದಾಗಬೇಕು ಎಂದು ಸಾರ್ವಜನಿಕರು ಒತ್ತಾಯಿಸಿದ್ದಾರೆ. ಪ್ಲಾಸ್ಟರ್ ಆಫ್ ಪ್ಯಾರಿಸ್ ಮೂರ್ತಿಗಳು ಕೆರೆ ಕುಂಟೆಗಳ ನೀರನ್ನು ಕಲುಷಿತಗೊಳಿಸುತ್ತವೆ. ಈ ಬಗ್ಗೆ ಸ್ಥಳೀಯ ಆಡಳಿತ ಕ್ರಮ ಕೈಗೊಳ್ಳಬೇಕಿದೆ. ಹಬ್ಬದ ಹಿನ್ನೆಲೆಯಲ್ಲಿ ಮಾರುಕಟ್ಟೆಯಲ್ಲಿ ಜನಸಂದಣಿ ಹೆಚ್ಚಾಗಿದ್ದು ವ್ಯಾಪಾರ ವಹಿವಾಟು ಚುರುಕುಗೊಂಡಿದೆ.
ಬಿಜಿಎಸ್ ಆಸ್ಪತ್ರೆಯಲ್ಲಿ ರಿಯಾಯಿತಿ ದರದಲ್ಲಿ ಚಿಕಿತ್ಸೆ
ಉದಯವಾಣಿ ಸಮಾಚಾರ
ಪಟ್ಟಣದ ವಿವಿಧ ಬಡಾವಣೆಗಳಲ್ಲಿ ಗಣೇಶ ಹಬ್ಬದ ಸಿದ್ಧತೆ ಜೋರಾಗಿದ್ದು ಮಾರುಕಟ್ಟೆಯಲ್ಲಿ ವಿವಿಧ ಬಗೆಯ ಮೂರ್ತಿಗಳು ಮಾರಾಟಕ್ಕೆ ಸಿದ್ಧವಾಗಿವೆ. ಪರಿಸರ ಸ್ನೇಹಿ ಮೂರ್ತಿಗಳ ಬಳಕೆ ಕುರಿತು ಜಾಗೃತಿ ಮೂಡಿಸಲು ಅಧಿಕಾರಿಗಳು ಮುಂದಾಗಬೇಕು ಎಂದು ಸಾರ್ವಜನಿಕರು ಒತ್ತಾಯಿಸಿದ್ದಾರೆ. ಪ್ಲಾಸ್ಟರ್ ಆಫ್ ಪ್ಯಾರಿಸ್ ಮೂರ್ತಿಗಳು ಕೆರೆ ಕುಂಟೆಗಳ ನೀರನ್ನು ಕಲುಷಿತಗೊಳಿಸುತ್ತವೆ. ಈ ಬಗ್ಗೆ ಸ್ಥಳೀಯ ಆಡಳಿತ ಕ್ರಮ ಕೈಗೊಳ್ಳಬೇಕಿದೆ. ಹಬ್ಬದ ಹಿನ್ನೆಲೆಯಲ್ಲಿ ಮಾರುಕಟ್ಟೆಯಲ್ಲಿ ಜನಸಂದಣಿ ಹೆಚ್ಚಾಗಿದ್ದು ವ್ಯಾಪಾರ ವಹಿವಾಟು ಚುರುಕುಗೊಂಡಿದೆ. ಪಟ್ಟಣದ ವಿವಿಧ ಬಡಾವಣೆಗಳಲ್ಲಿ ಗಣೇಶ ಹಬ್ಬದ ಸಿದ್ಧತೆ ಜೋರಾಗಿದ್ದು ಮಾರುಕಟ್ಟೆಯಲ್ಲಿ ವಿವಿಧ ಬಗೆಯ ಮೂರ್ತಿಗಳು ಮಾರಾಟಕ್ಕೆ ಸಿದ್ಧವಾಗಿವೆ. ಪರಿಸರ ಸ್ನೇಹಿ ಮೂರ್ತಿಗಳ ಬಳಕೆ ಕುರಿತು ಜಾಗೃತಿ ಮೂಡಿಸಲು ಅಧಿಕಾರಿಗಳು ಮುಂದಾಗಬೇಕು ಎಂದು ಸಾರ್ವಜನಿಕರು ಒತ್ತಾಯಿಸಿದ್ದಾರೆ. ಪ್ಲಾಸ್ಟರ್ ಆಫ್ ಪ್ಯಾರಿಸ್ ಮೂರ್ತಿಗಳು ಕೆರೆ ಕುಂಟೆಗಳ ನೀರನ್ನು ಕಲುಷಿತಗೊಳಿಸುತ್ತವೆ. ಈ ಬಗ್ಗೆ ಸ್ಥಳೀಯ ಆಡಳಿತ ಕ್ರಮ ಕೈಗೊಳ್ಳಬೇಕಿದೆ. ಹಬ್ಬದ ಹಿನ್ನೆಲೆಯಲ್ಲಿ ಮಾರುಕಟ್ಟೆಯಲ್ಲಿ ಜನಸಂದಣಿ ಹೆಚ್ಚಾಗಿದ್ದು ವ್ಯಾಪಾರ ವಹಿವಾಟು ಚುರುಕುಗೊಂಡಿದೆ.
ಆಸ್ಪತ್ರೆ ಸೌಲಭ್ಯ ಉದ್ಘಾಟನೆ ಕಾರ್ಯಕ್ರಮ.	ವೈದ್ಯರ ತಂಡ ಹಾಗೂ ಸಿಬ್ಬಂದಿ.
ಪಟ್ಟಣದ ವಿವಿಧ ಬಡಾವಣೆಗಳಲ್ಲಿ ಗಣೇಶ ಹಬ್ಬದ ಸಿದ್ಧತೆ ಜೋರಾಗಿದ್ದು ಮಾರುಕಟ್ಟೆಯಲ್ಲಿ ವಿವಿಧ ಬಗೆಯ ಮೂರ್ತಿಗಳು ಮಾರಾಟಕ್ಕೆ ಸಿದ್ಧವಾಗಿವೆ. ಪರಿಸರ ಸ್ನೇಹಿ ಮೂರ್ತಿಗಳ ಬಳಕೆ ಕುರಿತು ಜಾಗೃತಿ ಮೂಡಿಸಲು ಅಧಿಕಾರಿಗಳು ಮುಂದಾಗಬೇಕು ಎಂದು ಸಾರ್ವಜನಿಕರು ಒತ್ತಾಯಿಸಿದ್ದಾರೆ. ಪ್ಲಾಸ್ಟರ್ ಆಫ್ ಪ್ಯಾರಿಸ್ ಮೂರ್ತಿಗಳು ಕೆರೆ ಕುಂಟೆಗಳ ನೀರನ್ನು ಕಲುಷಿತಗೊಳಿಸುತ್ತವೆ. ಈ ಬಗ್ಗೆ ಸ್ಥಳೀಯ ಆಡಳಿತ ಕ್ರಮ ಕೈಗೊಳ್ಳಬೇಕಿದೆ. ಹಬ್ಬದ ಹಿನ್ನೆಲೆಯಲ್ಲಿ ಮಾರುಕಟ್ಟೆಯಲ್ಲಿ ಜನಸಂದಣಿ ಹೆಚ್ಚಾಗಿದ್ದು ವ್ಯಾಪಾರ ವಹಿವಾಟು ಚುರುಕುಗೊಂಡಿದೆ.
ಪಟ್ಟಣದ ವಿವಿಧ ಬಡಾವಣೆಗಳಲ್ಲಿ ಗಣೇಶ ಹಬ್ಬದ ಸಿದ್ಧತೆ ಜೋರಾಗಿದ್ದು ಮಾರುಕಟ್ಟೆಯಲ್ಲಿ ವಿವಿಧ ಬಗೆಯ ಮೂರ್ತಿಗಳು ಮಾರಾಟಕ್ಕೆ ಸಿದ್ಧವಾಗಿವೆ. ಪರಿಸರ ಸ್ನೇಹಿ ಮೂರ್ತಿಗಳ ಬಳಕೆ ಕುರಿತು ಜಾಗೃತಿ ಮೂಡಿಸಲು ಅಧಿಕಾರಿಗಳು ಮುಂದಾಗಬೇಕು ಎಂದು ಸಾರ್ವಜನಿಕರು ಒತ್ತಾಯಿಸಿದ್ದಾರೆ. ಪ್ಲಾಸ್ಟರ್ ಆಫ್ ಪ್ಯಾರಿಸ್ ಮೂರ್ತಿಗಳು ಕೆರೆ ಕುಂಟೆಗಳ ನೀರನ್ನು ಕಲುಷಿತಗೊಳಿಸುತ್ತವೆ. ಈ ಬಗ್ಗೆ ಸ್ಥಳೀಯ ಆಡಳಿತ ಕ್ರಮ ಕೈಗೊಳ್ಳಬೇಕಿದೆ. ಹಬ್ಬದ ಹಿನ್ನೆಲೆಯಲ್ಲಿ ಮಾರುಕಟ್ಟೆಯಲ್ಲಿ ಜನಸಂದಣಿ ಹೆಚ್ಚಾಗಿದ್ದು ವ್ಯಾಪಾರ ವಹಿವಾಟು ಚುರುಕುಗೊಂಡಿದೆ.
ಪಟ್ಟಣದ ವಿವಿಧ ಬಡಾವಣೆಗಳಲ್ಲಿ ಗಣೇಶ ಹಬ್ಬದ ಸಿದ್ಧತೆ ಜೋರಾಗಿದ್ದು ಮಾರುಕಟ್ಟೆಯಲ್ಲಿ ವಿವಿಧ ಬಗೆಯ ಮೂರ್ತಿಗಳು ಮಾರಾಟಕ್ಕೆ ಸಿದ್ಧವಾಗಿವೆ. ಪರಿಸರ ಸ್ನೇಹಿ ಮೂರ್ತಿಗಳ ಬಳಕೆ ಕುರಿತು ಜಾಗೃತಿ ಮೂಡಿಸಲು ಅಧಿಕಾರಿಗಳು ಮುಂದಾಗಬೇಕು ಎಂದು ಸಾರ್ವಜನಿಕರು ಒತ್ತಾಯಿಸಿದ್ದಾರೆ. ಪ್ಲಾಸ್ಟರ್ ಆಫ್ ಪ್ಯಾರಿಸ್ ಮೂರ್ತಿಗಳು ಕೆರೆ ಕುಂಟೆಗಳ ನೀರನ್ನು ಕಲುಷಿತಗೊಳಿಸುತ್ತವೆ. ಈ ಬಗ್ಗೆ ಸ್ಥಳೀಯ ಆಡಳಿತ ಕ್ರಮ ಕೈಗೊಳ್ಳಬೇಕಿದೆ. ಹಬ್ಬದ ಹಿನ್ನೆಲೆಯಲ್ಲಿ ಮಾರುಕಟ್ಟೆಯಲ್ಲಿ ಜನಸಂದಣಿ ಹೆಚ್ಚಾಗಿದ್ದು ವ್ಯಾಪಾರ ವಹಿವಾಟು ಚುರುಕುಗೊಂಡಿದೆ.
